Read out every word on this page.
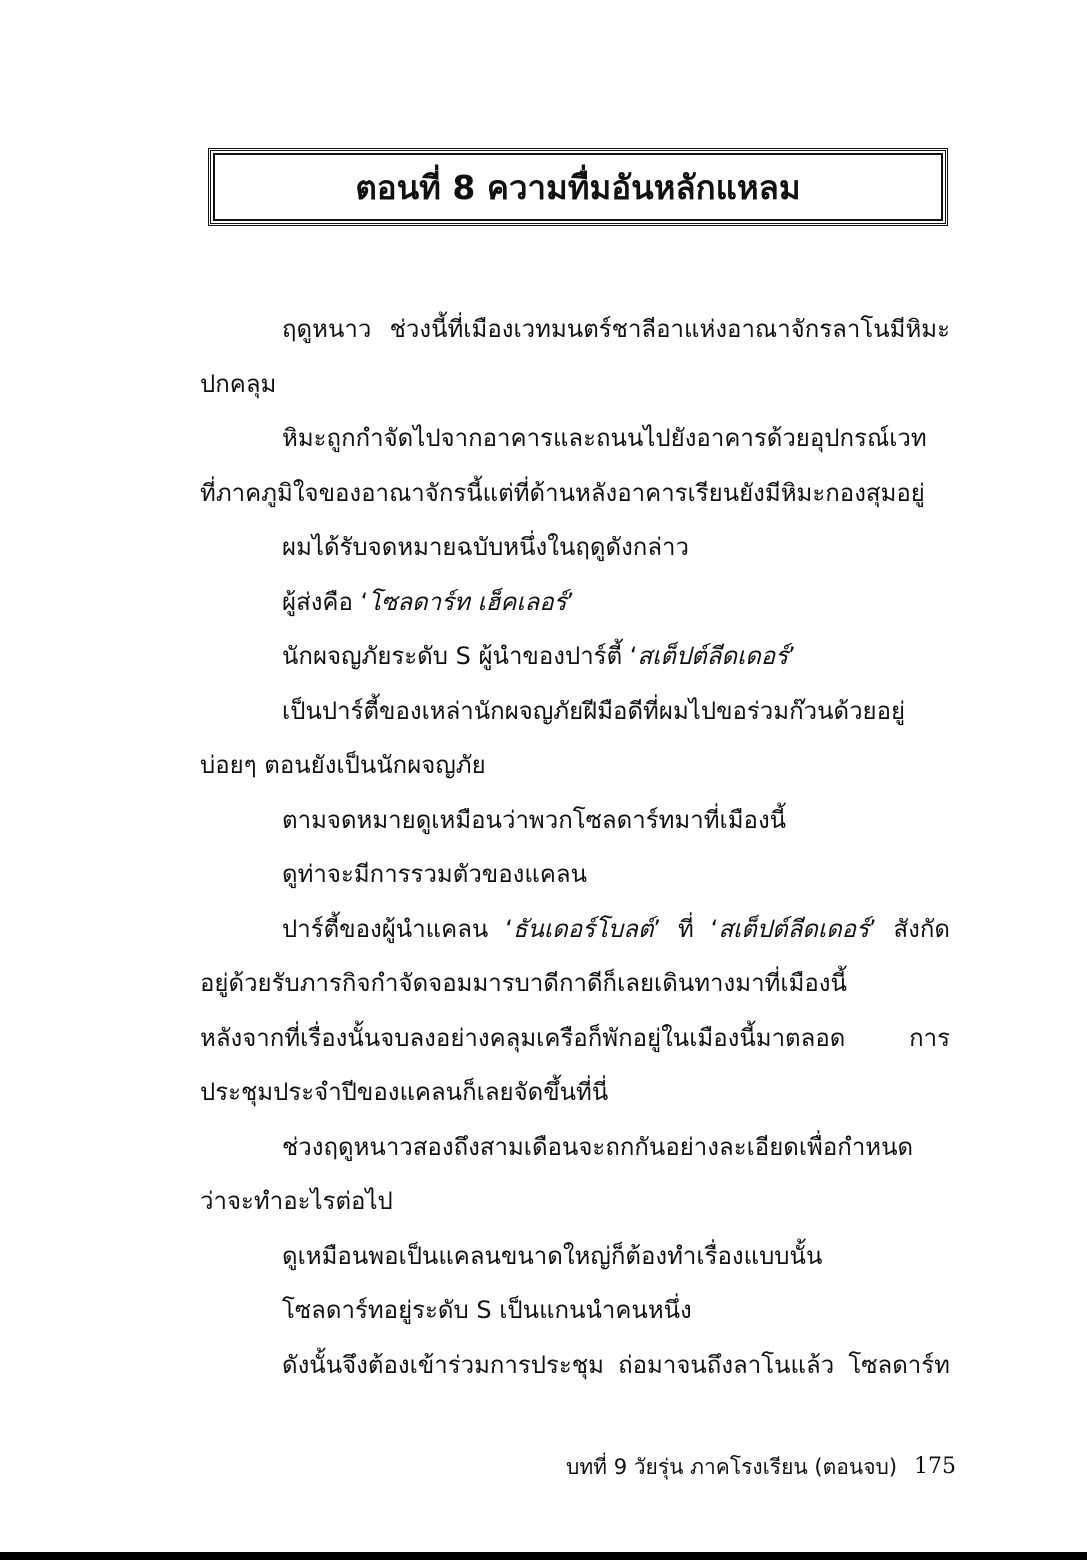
ตอนที่ 8 ความทื่มอันหลักแหลม

ฤดูหนาว ช่วงนี้ที่เมืองเวทมนตร์ชาลีอาแห่งอาณาจักรลาโนมีหิมะ

ปกคลุม

หิมะถูกกำจัดไปจากอาคารและถนนไปยังอาคารด้วยอุปกรณ์เวท

ที่ภาคภูมิใจของอาณาจักรนี้แต่ที่ด้านหลังอาคารเรียนยังมีหิมะกองสุมอยู่

ผมได้รับจดหมายฉบับหนึ่งในฤดูดังกล่าว

ผู้ส่งคือ ‘โซลดาร์ท เฮ็คเลอร์’

นักผจญภัยระดับ S ผู้นำของปาร์ตี้ ‘สเต็ปต์ลีดเดอร์’

เป็นปาร์ตี้ของเหล่านักผจญภัยฝีมือดีที่ผมไปขอร่วมก๊วนด้วยอยู่

บ่อยๆ ตอนยังเป็นนักผจญภัย

ตามจดหมายดูเหมือนว่าพวกโซลดาร์ทมาที่เมืองนี้

ดูท่าจะมีการรวมตัวของแคลน

ปาร์ตี้ของผู้นำแคลน ‘ธันเดอร์โบลต์’ ที่ ‘สเต็ปต์ลีดเดอร์’ สังกัด

อยู่ด้วยรับภารกิจกำจัดจอมมารบาดีกาดีก็เลยเดินทางมาที่เมืองนี้

หลังจากที่เรื่องนั้นจบลงอย่างคลุมเครือก็พักอยู่ในเมืองนี้มาตลอด การ

ประชุมประจำปีของแคลนก็เลยจัดขึ้นที่นี่

ช่วงฤดูหนาวสองถึงสามเดือนจะถกกันอย่างละเอียดเพื่อกำหนด

ว่าจะทำอะไรต่อไป

ดูเหมือนพอเป็นแคลนขนาดใหญ่ก็ต้องทำเรื่องแบบนั้น

โซลดาร์ทอยู่ระดับ S เป็นแกนนำคนหนึ่ง

ดังนั้นจึงต้องเข้าร่วมการประชุม ถ่อมาจนถึงลาโนแล้ว โซลดาร์ท

บทที่ 9 วัยรุ่น ภาคโรงเรียน (ตอนจบ) 175
